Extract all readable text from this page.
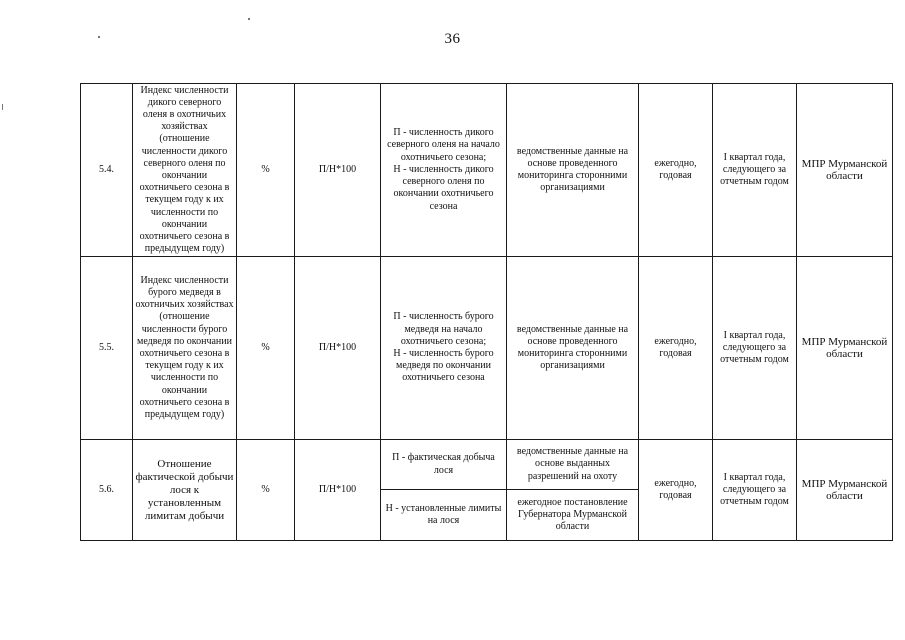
36
5.4.	Индекс численности дикого северного оленя в охотничьих хозяйствах (отношение численности дикого северного оленя по окончании охотничьего сезона в текущем году к их численности по окончании охотничьего сезона в предыдущем году)	%	П/Н*100	П - численность дикого северного оленя на начало охотничьего сезона;
Н - численность дикого северного оленя по окончании охотничьего сезона	ведомственные данные на основе проведенного мониторинга сторонними организациями	ежегодно, годовая	I квартал года, следующего за отчетным годом	МПР Мурманской области
5.5.	Индекс численности бурого медведя в охотничьих хозяйствах (отношение численности бурого медведя по окончании охотничьего сезона в текущем году к их численности по окончании охотничьего сезона в предыдущем году)	%	П/Н*100	П - численность бурого медведя на начало охотничьего сезона;
Н - численность бурого медведя по окончании охотничьего сезона	ведомственные данные на основе проведенного мониторинга сторонними организациями	ежегодно, годовая	I квартал года, следующего за отчетным годом	МПР Мурманской области
5.6.	Отношение фактической добычи лося к установленным лимитам добычи	%	П/Н*100	П - фактическая добыча лося	ведомственные данные на основе выданных разрешений на охоту	ежегодно, годовая	I квартал года, следующего за отчетным годом	МПР Мурманской области
				Н - установленные лимиты на лося	ежегодное постановление Губернатора Мурманской области			
